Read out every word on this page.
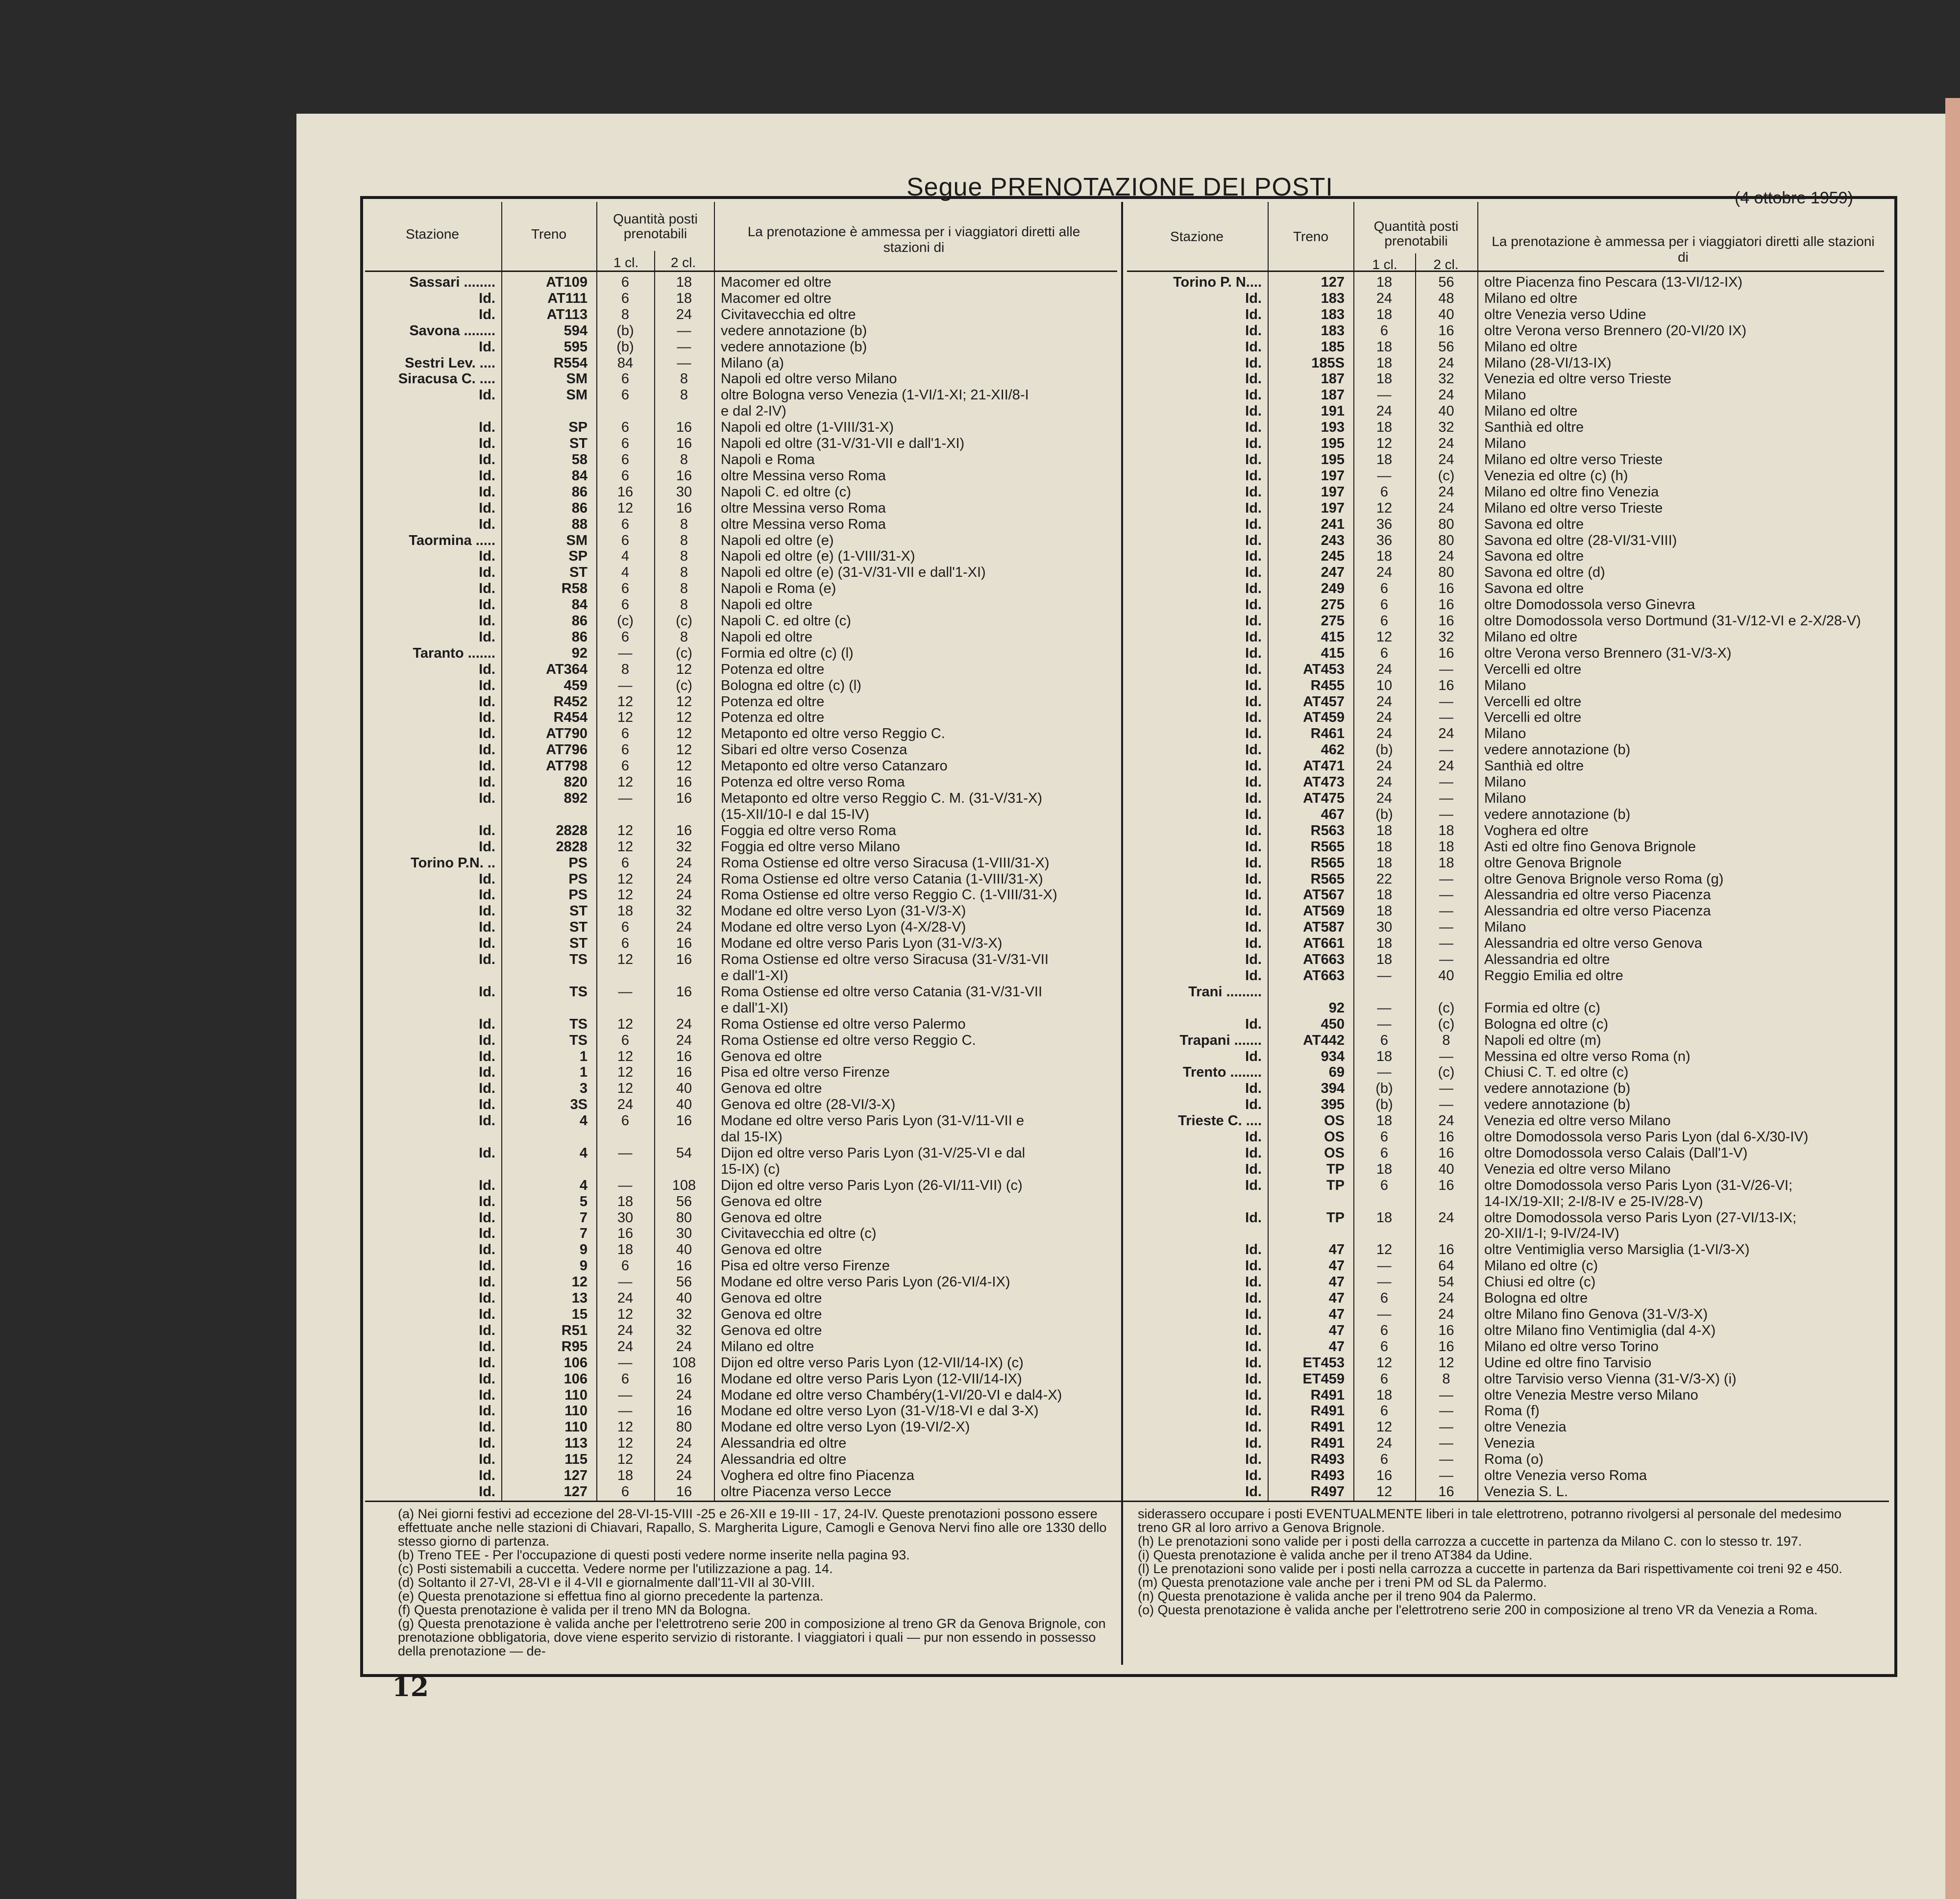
Segue PRENOTAZIONE DEI POSTI	(4 ottobre 1959)
Stazione	Treno
Quantità posti prenotabili
1 cl.	2 cl.
La prenotazione è ammessa per i viaggiatori diretti alle stazioni di
Sassari ........	AT109	6	18	Macomer ed oltre
Id.	AT111	6	18	Macomer ed oltre
Id.	AT113	8	24	Civitavecchia ed oltre
Savona ........	594	(b)	—	vedere annotazione (b)
Id.	595	(b)	—	vedere annotazione (b)
Sestri Lev. ....	R554	84	—	Milano (a)
Siracusa C. ....	SM	6	8	Napoli ed oltre verso Milano
Id.	SM	6	8	oltre Bologna verso Venezia (1-VI/1-XI; 21-XII/8-I
				e dal 2-IV)
Id.	SP	6	16	Napoli ed oltre (1-VIII/31-X)
Id.	ST	6	16	Napoli ed oltre (31-V/31-VII e dall'1-XI)
Id.	58	6	8	Napoli e Roma
Id.	84	6	16	oltre Messina verso Roma
Id.	86	16	30	Napoli C. ed oltre (c)
Id.	86	12	16	oltre Messina verso Roma
Id.	88	6	8	oltre Messina verso Roma
Taormina .....	SM	6	8	Napoli ed oltre (e)
Id.	SP	4	8	Napoli ed oltre (e) (1-VIII/31-X)
Id.	ST	4	8	Napoli ed oltre (e) (31-V/31-VII e dall'1-XI)
Id.	R58	6	8	Napoli e Roma (e)
Id.	84	6	8	Napoli ed oltre
Id.	86	(c)	(c)	Napoli C. ed oltre (c)
Id.	86	6	8	Napoli ed oltre
Taranto .......	92	—	(c)	Formia ed oltre (c) (l)
Id.	AT364	8	12	Potenza ed oltre
Id.	459	—	(c)	Bologna ed oltre (c) (l)
Id.	R452	12	12	Potenza ed oltre
Id.	R454	12	12	Potenza ed oltre
Id.	AT790	6	12	Metaponto ed oltre verso Reggio C.
Id.	AT796	6	12	Sibari ed oltre verso Cosenza
Id.	AT798	6	12	Metaponto ed oltre verso Catanzaro
Id.	820	12	16	Potenza ed oltre verso Roma
Id.	892	—	16	Metaponto ed oltre verso Reggio C. M. (31-V/31-X)
				(15-XII/10-I e dal 15-IV)
Id.	2828	12	16	Foggia ed oltre verso Roma
Id.	2828	12	32	Foggia ed oltre verso Milano
Torino P.N. ..	PS	6	24	Roma Ostiense ed oltre verso Siracusa (1-VIII/31-X)
Id.	PS	12	24	Roma Ostiense ed oltre verso Catania (1-VIII/31-X)
Id.	PS	12	24	Roma Ostiense ed oltre verso Reggio C. (1-VIII/31-X)
Id.	ST	18	32	Modane ed oltre verso Lyon (31-V/3-X)
Id.	ST	6	24	Modane ed oltre verso Lyon (4-X/28-V)
Id.	ST	6	16	Modane ed oltre verso Paris Lyon (31-V/3-X)
Id.	TS	12	16	Roma Ostiense ed oltre verso Siracusa (31-V/31-VII
				e dall'1-XI)
Id.	TS	—	16	Roma Ostiense ed oltre verso Catania (31-V/31-VII
				e dall'1-XI)
Id.	TS	12	24	Roma Ostiense ed oltre verso Palermo
Id.	TS	6	24	Roma Ostiense ed oltre verso Reggio C.
Id.	1	12	16	Genova ed oltre
Id.	1	12	16	Pisa ed oltre verso Firenze
Id.	3	12	40	Genova ed oltre
Id.	3S	24	40	Genova ed oltre (28-VI/3-X)
Id.	4	6	16	Modane ed oltre verso Paris Lyon (31-V/11-VII e
				dal 15-IX)
Id.	4	—	54	Dijon ed oltre verso Paris Lyon (31-V/25-VI e dal
				15-IX) (c)
Id.	4	—	108	Dijon ed oltre verso Paris Lyon (26-VI/11-VII) (c)
Id.	5	18	56	Genova ed oltre
Id.	7	30	80	Genova ed oltre
Id.	7	16	30	Civitavecchia ed oltre (c)
Id.	9	18	40	Genova ed oltre
Id.	9	6	16	Pisa ed oltre verso Firenze
Id.	12	—	56	Modane ed oltre verso Paris Lyon (26-VI/4-IX)
Id.	13	24	40	Genova ed oltre
Id.	15	12	32	Genova ed oltre
Id.	R51	24	32	Genova ed oltre
Id.	R95	24	24	Milano ed oltre
Id.	106	—	108	Dijon ed oltre verso Paris Lyon (12-VII/14-IX) (c)
Id.	106	6	16	Modane ed oltre verso Paris Lyon (12-VII/14-IX)
Id.	110	—	24	Modane ed oltre verso Chambéry(1-VI/20-VI e dal4-X)
Id.	110	—	16	Modane ed oltre verso Lyon (31-V/18-VI e dal 3-X)
Id.	110	12	80	Modane ed oltre verso Lyon (19-VI/2-X)
Id.	113	12	24	Alessandria ed oltre
Id.	115	12	24	Alessandria ed oltre
Id.	127	18	24	Voghera ed oltre fino Piacenza
Id.	127	6	16	oltre Piacenza verso Lecce
Stazione	Treno
Quantità posti prenotabili
1 cl.	2 cl.
La prenotazione è ammessa per i viaggiatori diretti alle stazioni di
Torino P. N....	127	18	56	oltre Piacenza fino Pescara (13-VI/12-IX)
Id.	183	24	48	Milano ed oltre
Id.	183	18	40	oltre Venezia verso Udine
Id.	183	6	16	oltre Verona verso Brennero (20-VI/20 IX)
Id.	185	18	56	Milano ed oltre
Id.	185S	18	24	Milano (28-VI/13-IX)
Id.	187	18	32	Venezia ed oltre verso Trieste
Id.	187	—	24	Milano
Id.	191	24	40	Milano ed oltre
Id.	193	18	32	Santhià ed oltre
Id.	195	12	24	Milano
Id.	195	18	24	Milano ed oltre verso Trieste
Id.	197	—	(c)	Venezia ed oltre (c) (h)
Id.	197	6	24	Milano ed oltre fino Venezia
Id.	197	12	24	Milano ed oltre verso Trieste
Id.	241	36	80	Savona ed oltre
Id.	243	36	80	Savona ed oltre (28-VI/31-VIII)
Id.	245	18	24	Savona ed oltre
Id.	247	24	80	Savona ed oltre (d)
Id.	249	6	16	Savona ed oltre
Id.	275	6	16	oltre Domodossola verso Ginevra
Id.	275	6	16	oltre Domodossola verso Dortmund (31-V/12-VI e 2-X/28-V)
Id.	415	12	32	Milano ed oltre
Id.	415	6	16	oltre Verona verso Brennero (31-V/3-X)
Id.	AT453	24	—	Vercelli ed oltre
Id.	R455	10	16	Milano
Id.	AT457	24	—	Vercelli ed oltre
Id.	AT459	24	—	Vercelli ed oltre
Id.	R461	24	24	Milano
Id.	462	(b)	—	vedere annotazione (b)
Id.	AT471	24	24	Santhià ed oltre
Id.	AT473	24	—	Milano
Id.	AT475	24	—	Milano
Id.	467	(b)	—	vedere annotazione (b)
Id.	R563	18	18	Voghera ed oltre
Id.	R565	18	18	Asti ed oltre fino Genova Brignole
Id.	R565	18	18	oltre Genova Brignole
Id.	R565	22	—	oltre Genova Brignole verso Roma (g)
Id.	AT567	18	—	Alessandria ed oltre verso Piacenza
Id.	AT569	18	—	Alessandria ed oltre verso Piacenza
Id.	AT587	30	—	Milano
Id.	AT661	18	—	Alessandria ed oltre verso Genova
Id.	AT663	18	—	Alessandria ed oltre
Id.	AT663	—	40	Reggio Emilia ed oltre
Trani .........				
	92	—	(c)	Formia ed oltre (c)
Id.	450	—	(c)	Bologna ed oltre (c)
Trapani .......	AT442	6	8	Napoli ed oltre (m)
Id.	934	18	—	Messina ed oltre verso Roma (n)
Trento ........	69	—	(c)	Chiusi C. T. ed oltre (c)
Id.	394	(b)	—	vedere annotazione (b)
Id.	395	(b)	—	vedere annotazione (b)
Trieste C. ....	OS	18	24	Venezia ed oltre verso Milano
Id.	OS	6	16	oltre Domodossola verso Paris Lyon (dal 6-X/30-IV)
Id.	OS	6	16	oltre Domodossola verso Calais (Dall'1-V)
Id.	TP	18	40	Venezia ed oltre verso Milano
Id.	TP	6	16	oltre Domodossola verso Paris Lyon (31-V/26-VI;
				14-IX/19-XII; 2-I/8-IV e 25-IV/28-V)
Id.	TP	18	24	oltre Domodossola verso Paris Lyon (27-VI/13-IX;
				20-XII/1-I; 9-IV/24-IV)
Id.	47	12	16	oltre Ventimiglia verso Marsiglia (1-VI/3-X)
Id.	47	—	64	Milano ed oltre (c)
Id.	47	—	54	Chiusi ed oltre (c)
Id.	47	6	24	Bologna ed oltre
Id.	47	—	24	oltre Milano fino Genova (31-V/3-X)
Id.	47	6	16	oltre Milano fino Ventimiglia (dal 4-X)
Id.	47	6	16	Milano ed oltre verso Torino
Id.	ET453	12	12	Udine ed oltre fino Tarvisio
Id.	ET459	6	8	oltre Tarvisio verso Vienna (31-V/3-X) (i)
Id.	R491	18	—	oltre Venezia Mestre verso Milano
Id.	R491	6	—	Roma (f)
Id.	R491	12	—	oltre Venezia
Id.	R491	24	—	Venezia
Id.	R493	6	—	Roma (o)
Id.	R493	16	—	oltre Venezia verso Roma
Id.	R497	12	16	Venezia S. L.
(a) Nei giorni festivi ad eccezione del 28-VI-15-VIII -25 e 26-XII e 19-III - 17, 24-IV. Queste prenotazioni possono essere effettuate anche nelle stazioni di Chiavari, Rapallo, S. Margherita Ligure, Camogli e Genova Nervi fino alle ore 1330 dello stesso giorno di partenza.
(b) Treno TEE - Per l'occupazione di questi posti vedere norme inserite nella pagina 93.
(c) Posti sistemabili a cuccetta. Vedere norme per l'utilizzazione a pag. 14.
(d) Soltanto il 27-VI, 28-VI e il 4-VII e giornalmente dall'11-VII al 30-VIII.
(e) Questa prenotazione si effettua fino al giorno precedente la partenza.
(f) Questa prenotazione è valida per il treno MN da Bologna.
(g) Questa prenotazione è valida anche per l'elettrotreno serie 200 in composizione al treno GR da Genova Brignole, con prenotazione obbligatoria, dove viene esperito servizio di ristorante. I viaggiatori i quali — pur non essendo in possesso della prenotazione — de-
siderassero occupare i posti EVENTUALMENTE liberi in tale elettrotreno, potranno rivolgersi al personale del medesimo treno GR al loro arrivo a Genova Brignole.
(h) Le prenotazioni sono valide per i posti della carrozza a cuccette in partenza da Milano C. con lo stesso tr. 197.
(i) Questa prenotazione è valida anche per il treno AT384 da Udine.
(l) Le prenotazioni sono valide per i posti nella carrozza a cuccette in partenza da Bari rispettivamente coi treni 92 e 450.
(m) Questa prenotazione vale anche per i treni PM od SL da Palermo.
(n) Questa prenotazione è valida anche per il treno 904 da Palermo.
(o) Questa prenotazione è valida anche per l'elettrotreno serie 200 in composizione al treno VR da Venezia a Roma.
12
